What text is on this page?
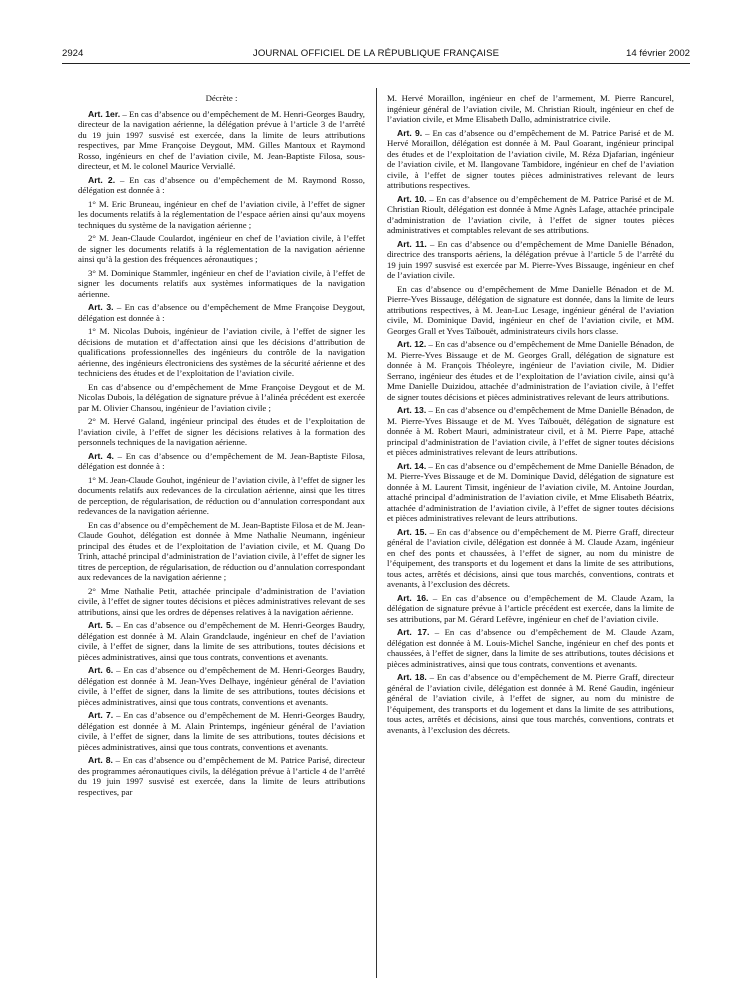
2924	JOURNAL OFFICIEL DE LA RÉPUBLIQUE FRANÇAISE	14 février 2002

Décrète :

Art. 1er. – En cas d’absence ou d’empêchement de M. Henri-Georges Baudry, directeur de la navigation aérienne, la délégation prévue à l’article 3 de l’arrêté du 19 juin 1997 susvisé est exercée, dans la limite de leurs attributions respectives, par Mme Françoise Deygout, MM. Gilles Mantoux et Raymond Rosso, ingénieurs en chef de l’aviation civile, M. Jean-Baptiste Filosa, sous-directeur, et M. le colonel Maurice Verviallé.

Art. 2. – En cas d’absence ou d’empêchement de M. Raymond Rosso, délégation est donnée à :

1° M. Eric Bruneau, ingénieur en chef de l’aviation civile, à l’effet de signer les documents relatifs à la réglementation de l’espace aérien ainsi qu’aux moyens techniques du système de la navigation aérienne ;

2° M. Jean-Claude Coulardot, ingénieur en chef de l’aviation civile, à l’effet de signer les documents relatifs à la réglementation de la navigation aérienne ainsi qu’à la gestion des fréquences aéronautiques ;

3° M. Dominique Stammler, ingénieur en chef de l’aviation civile, à l’effet de signer les documents relatifs aux systèmes informatiques de la navigation aérienne.

Art. 3. – En cas d’absence ou d’empêchement de Mme Françoise Deygout, délégation est donnée à :

1° M. Nicolas Dubois, ingénieur de l’aviation civile, à l’effet de signer les décisions de mutation et d’affectation ainsi que les décisions d’attribution de qualifications professionnelles des ingénieurs du contrôle de la navigation aérienne, des ingénieurs électroniciens des systèmes de la sécurité aérienne et des techniciens des études et de l’exploitation de l’aviation civile.

En cas d’absence ou d’empêchement de Mme Françoise Deygout et de M. Nicolas Dubois, la délégation de signature prévue à l’alinéa précédent est exercée par M. Olivier Chansou, ingénieur de l’aviation civile ;

2° M. Hervé Galand, ingénieur principal des études et de l’exploitation de l’aviation civile, à l’effet de signer les décisions relatives à la formation des personnels techniques de la navigation aérienne.

Art. 4. – En cas d’absence ou d’empêchement de M. Jean-Baptiste Filosa, délégation est donnée à :

1° M. Jean-Claude Gouhot, ingénieur de l’aviation civile, à l’effet de signer les documents relatifs aux redevances de la circulation aérienne, ainsi que les titres de perception, de régularisation, de réduction ou d’annulation correspondant aux redevances de la navigation aérienne.

En cas d’absence ou d’empêchement de M. Jean-Baptiste Filosa et de M. Jean-Claude Gouhot, délégation est donnée à Mme Nathalie Neumann, ingénieur principal des études et de l’exploitation de l’aviation civile, et M. Quang Do Trinh, attaché principal d’administration de l’aviation civile, à l’effet de signer les titres de perception, de régularisation, de réduction ou d’annulation correspondant aux redevances de la navigation aérienne ;

2° Mme Nathalie Petit, attachée principale d’administration de l’aviation civile, à l’effet de signer toutes décisions et pièces administratives relevant de ses attributions, ainsi que les ordres de dépenses relatives à la navigation aérienne.

Art. 5. – En cas d’absence ou d’empêchement de M. Henri-Georges Baudry, délégation est donnée à M. Alain Grandclaude, ingénieur en chef de l’aviation civile, à l’effet de signer, dans la limite de ses attributions, toutes décisions et pièces administratives, ainsi que tous contrats, conventions et avenants.

Art. 6. – En cas d’absence ou d’empêchement de M. Henri-Georges Baudry, délégation est donnée à M. Jean-Yves Delhaye, ingénieur général de l’aviation civile, à l’effet de signer, dans la limite de ses attributions, toutes décisions et pièces administratives, ainsi que tous contrats, conventions et avenants.

Art. 7. – En cas d’absence ou d’empêchement de M. Henri-Georges Baudry, délégation est donnée à M. Alain Printemps, ingénieur général de l’aviation civile, à l’effet de signer, dans la limite de ses attributions, toutes décisions et pièces administratives, ainsi que tous contrats, conventions et avenants.

Art. 8. – En cas d’absence ou d’empêchement de M. Patrice Parisé, directeur des programmes aéronautiques civils, la délégation prévue à l’article 4 de l’arrêté du 19 juin 1997 susvisé est exercée, dans la limite de leurs attributions respectives, par

M. Hervé Moraillon, ingénieur en chef de l’armement, M. Pierre Rancurel, ingénieur général de l’aviation civile, M. Christian Rioult, ingénieur en chef de l’aviation civile, et Mme Elisabeth Dallo, administratrice civile.

Art. 9. – En cas d’absence ou d’empêchement de M. Patrice Parisé et de M. Hervé Moraillon, délégation est donnée à M. Paul Goarant, ingénieur principal des études et de l’exploitation de l’aviation civile, M. Réza Djafarian, ingénieur de l’aviation civile, et M. Ilangovane Tambidore, ingénieur en chef de l’aviation civile, à l’effet de signer toutes pièces administratives relevant de leurs attributions respectives.

Art. 10. – En cas d’absence ou d’empêchement de M. Patrice Parisé et de M. Christian Rioult, délégation est donnée à Mme Agnès Lafage, attachée principale d’administration de l’aviation civile, à l’effet de signer toutes pièces administratives et comptables relevant de ses attributions.

Art. 11. – En cas d’absence ou d’empêchement de Mme Danielle Bénadon, directrice des transports aériens, la délégation prévue à l’article 5 de l’arrêté du 19 juin 1997 susvisé est exercée par M. Pierre-Yves Bissauge, ingénieur en chef de l’aviation civile.

En cas d’absence ou d’empêchement de Mme Danielle Bénadon et de M. Pierre-Yves Bissauge, délégation de signature est donnée, dans la limite de leurs attributions respectives, à M. Jean-Luc Lesage, ingénieur général de l’aviation civile, M. Dominique David, ingénieur en chef de l’aviation civile, et MM. Georges Grall et Yves Taïbouët, administrateurs civils hors classe.

Art. 12. – En cas d’absence ou d’empêchement de Mme Danielle Bénadon, de M. Pierre-Yves Bissauge et de M. Georges Grall, délégation de signature est donnée à M. François Théoleyre, ingénieur de l’aviation civile, M. Didier Serrano, ingénieur des études et de l’exploitation de l’aviation civile, ainsi qu’à Mme Danielle Duizidou, attachée d’administration de l’aviation civile, à l’effet de signer toutes décisions et pièces administratives relevant de leurs attributions.

Art. 13. – En cas d’absence ou d’empêchement de Mme Danielle Bénadon, de M. Pierre-Yves Bissauge et de M. Yves Taïbouët, délégation de signature est donnée à M. Robert Mauri, administrateur civil, et à M. Pierre Pape, attaché principal d’administration de l’aviation civile, à l’effet de signer toutes décisions et pièces administratives relevant de leurs attributions.

Art. 14. – En cas d’absence ou d’empêchement de Mme Danielle Bénadon, de M. Pierre-Yves Bissauge et de M. Dominique David, délégation de signature est donnée à M. Laurent Timsit, ingénieur de l’aviation civile, M. Antoine Jourdan, attaché principal d’administration de l’aviation civile, et Mme Elisabeth Béatrix, attachée d’administration de l’aviation civile, à l’effet de signer toutes décisions et pièces administratives relevant de leurs attributions.

Art. 15. – En cas d’absence ou d’empêchement de M. Pierre Graff, directeur général de l’aviation civile, délégation est donnée à M. Claude Azam, ingénieur en chef des ponts et chaussées, à l’effet de signer, au nom du ministre de l’équipement, des transports et du logement et dans la limite de ses attributions, tous actes, arrêtés et décisions, ainsi que tous marchés, conventions, contrats et avenants, à l’exclusion des décrets.

Art. 16. – En cas d’absence ou d’empêchement de M. Claude Azam, la délégation de signature prévue à l’article précédent est exercée, dans la limite de ses attributions, par M. Gérard Lefèvre, ingénieur en chef de l’aviation civile.

Art. 17. – En cas d’absence ou d’empêchement de M. Claude Azam, délégation est donnée à M. Louis-Michel Sanche, ingénieur en chef des ponts et chaussées, à l’effet de signer, dans la limite de ses attributions, toutes décisions et pièces administratives, ainsi que tous contrats, conventions et avenants.

Art. 18. – En cas d’absence ou d’empêchement de M. Pierre Graff, directeur général de l’aviation civile, délégation est donnée à M. René Gaudin, ingénieur général de l’aviation civile, à l’effet de signer, au nom du ministre de l’équipement, des transports et du logement et dans la limite de ses attributions, tous actes, arrêtés et décisions, ainsi que tous marchés, conventions, contrats et avenants, à l’exclusion des décrets.
